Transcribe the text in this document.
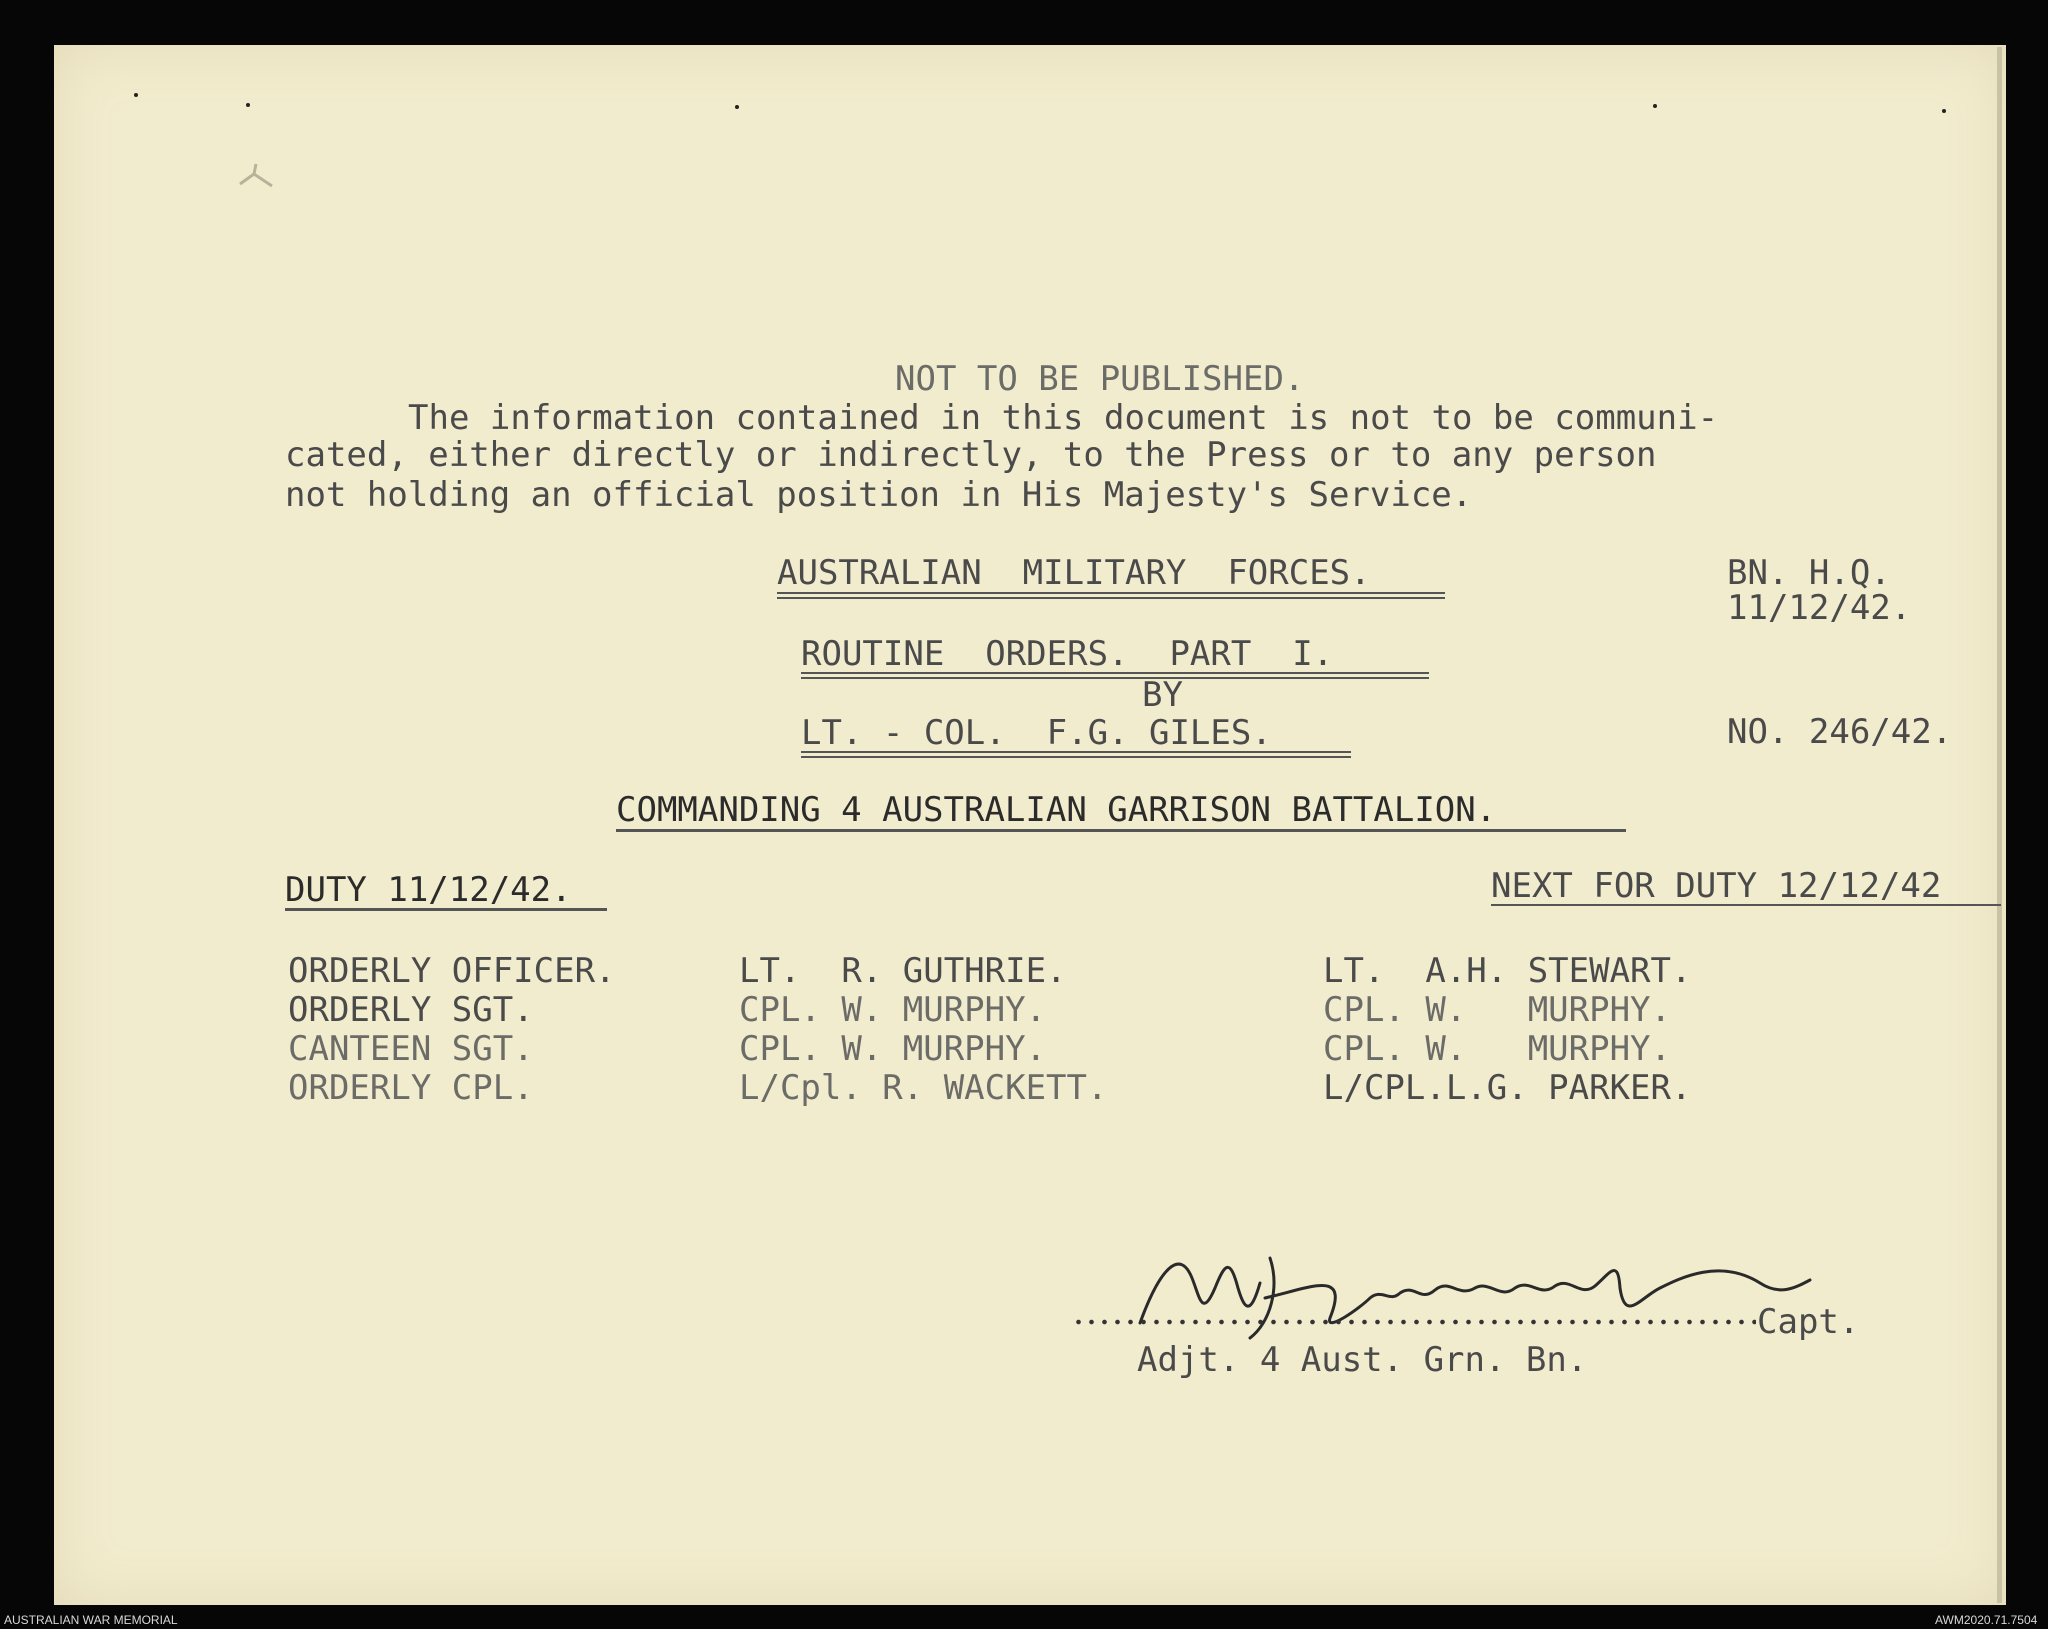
NOT TO BE PUBLISHED.
The information contained in this document is not to be communi-
cated, either directly or indirectly, to the Press or to any person
not holding an official position in His Majesty's Service.
AUSTRALIAN  MILITARY  FORCES.	BN. H.Q.
11/12/42.
ROUTINE  ORDERS.  PART  I.
BY
LT. - COL.  F.G. GILES.	NO. 246/42.
COMMANDING 4 AUSTRALIAN GARRISON BATTALION.
DUTY 11/12/42.	NEXT FOR DUTY 12/12/42
ORDERLY OFFICER.	LT.  R. GUTHRIE.	LT.  A.H. STEWART.
ORDERLY SGT.	CPL. W. MURPHY.	CPL. W.   MURPHY.
CANTEEN SGT.	CPL. W. MURPHY.	CPL. W.   MURPHY.
ORDERLY CPL.	L/Cpl. R. WACKETT.	L/CPL.L.G. PARKER.
Capt.
Adjt. 4 Aust. Grn. Bn.
AUSTRALIAN WAR MEMORIAL	AWM2020.71.7504
